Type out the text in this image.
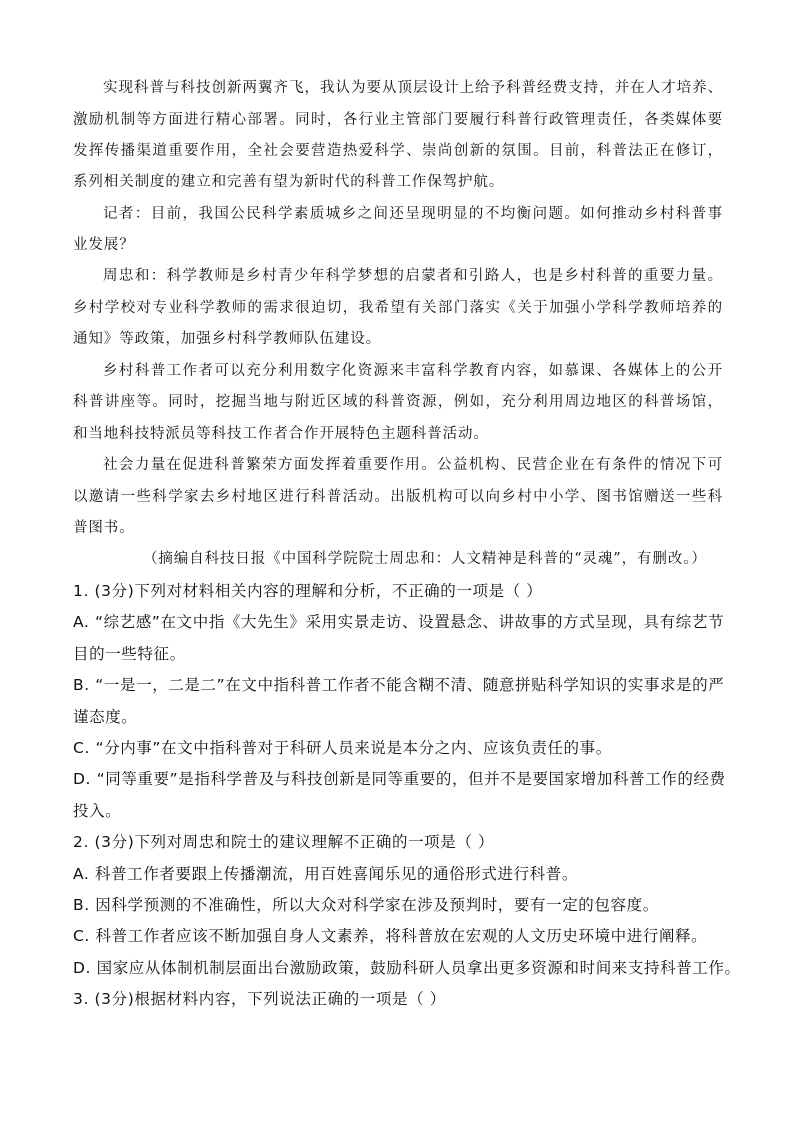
实现科普与科技创新两翼齐飞，我认为要从顶层设计上给予科普经费支持，并在人才培养、
激励机制等方面进行精心部署。同时，各行业主管部门要履行科普行政管理责任，各类媒体要
发挥传播渠道重要作用，全社会要营造热爱科学、崇尚创新的氛围。目前，科普法正在修订，
系列相关制度的建立和完善有望为新时代的科普工作保驾护航。
记者：目前，我国公民科学素质城乡之间还呈现明显的不均衡问题。如何推动乡村科普事
业发展？
周忠和：科学教师是乡村青少年科学梦想的启蒙者和引路人，也是乡村科普的重要力量。
乡村学校对专业科学教师的需求很迫切，我希望有关部门落实《关于加强小学科学教师培养的
通知》等政策，加强乡村科学教师队伍建设。
乡村科普工作者可以充分利用数字化资源来丰富科学教育内容，如慕课、各媒体上的公开
科普讲座等。同时，挖掘当地与附近区域的科普资源，例如，充分利用周边地区的科普场馆，
和当地科技特派员等科技工作者合作开展特色主题科普活动。
社会力量在促进科普繁荣方面发挥着重要作用。公益机构、民营企业在有条件的情况下可
以邀请一些科学家去乡村地区进行科普活动。出版机构可以向乡村中小学、图书馆赠送一些科
普图书。
（摘编自科技日报《中国科学院院士周忠和：人文精神是科普的“灵魂”，有删改。）
1. (3分)下列对材料相关内容的理解和分析，不正确的一项是（ ）
A. “综艺感”在文中指《大先生》采用实景走访、设置悬念、讲故事的方式呈现，具有综艺节
目的一些特征。
B. “一是一，二是二”在文中指科普工作者不能含糊不清、随意拼贴科学知识的实事求是的严
谨态度。
C. “分内事”在文中指科普对于科研人员来说是本分之内、应该负责任的事。
D. “同等重要”是指科学普及与科技创新是同等重要的，但并不是要国家增加科普工作的经费
投入。
2. (3分)下列对周忠和院士的建议理解不正确的一项是（ ）
A. 科普工作者要跟上传播潮流，用百姓喜闻乐见的通俗形式进行科普。
B. 因科学预测的不准确性，所以大众对科学家在涉及预判时，要有一定的包容度。
C. 科普工作者应该不断加强自身人文素养，将科普放在宏观的人文历史环境中进行阐释。
D. 国家应从体制机制层面出台激励政策，鼓励科研人员拿出更多资源和时间来支持科普工作。
3. (3分)根据材料内容，下列说法正确的一项是（ ）
